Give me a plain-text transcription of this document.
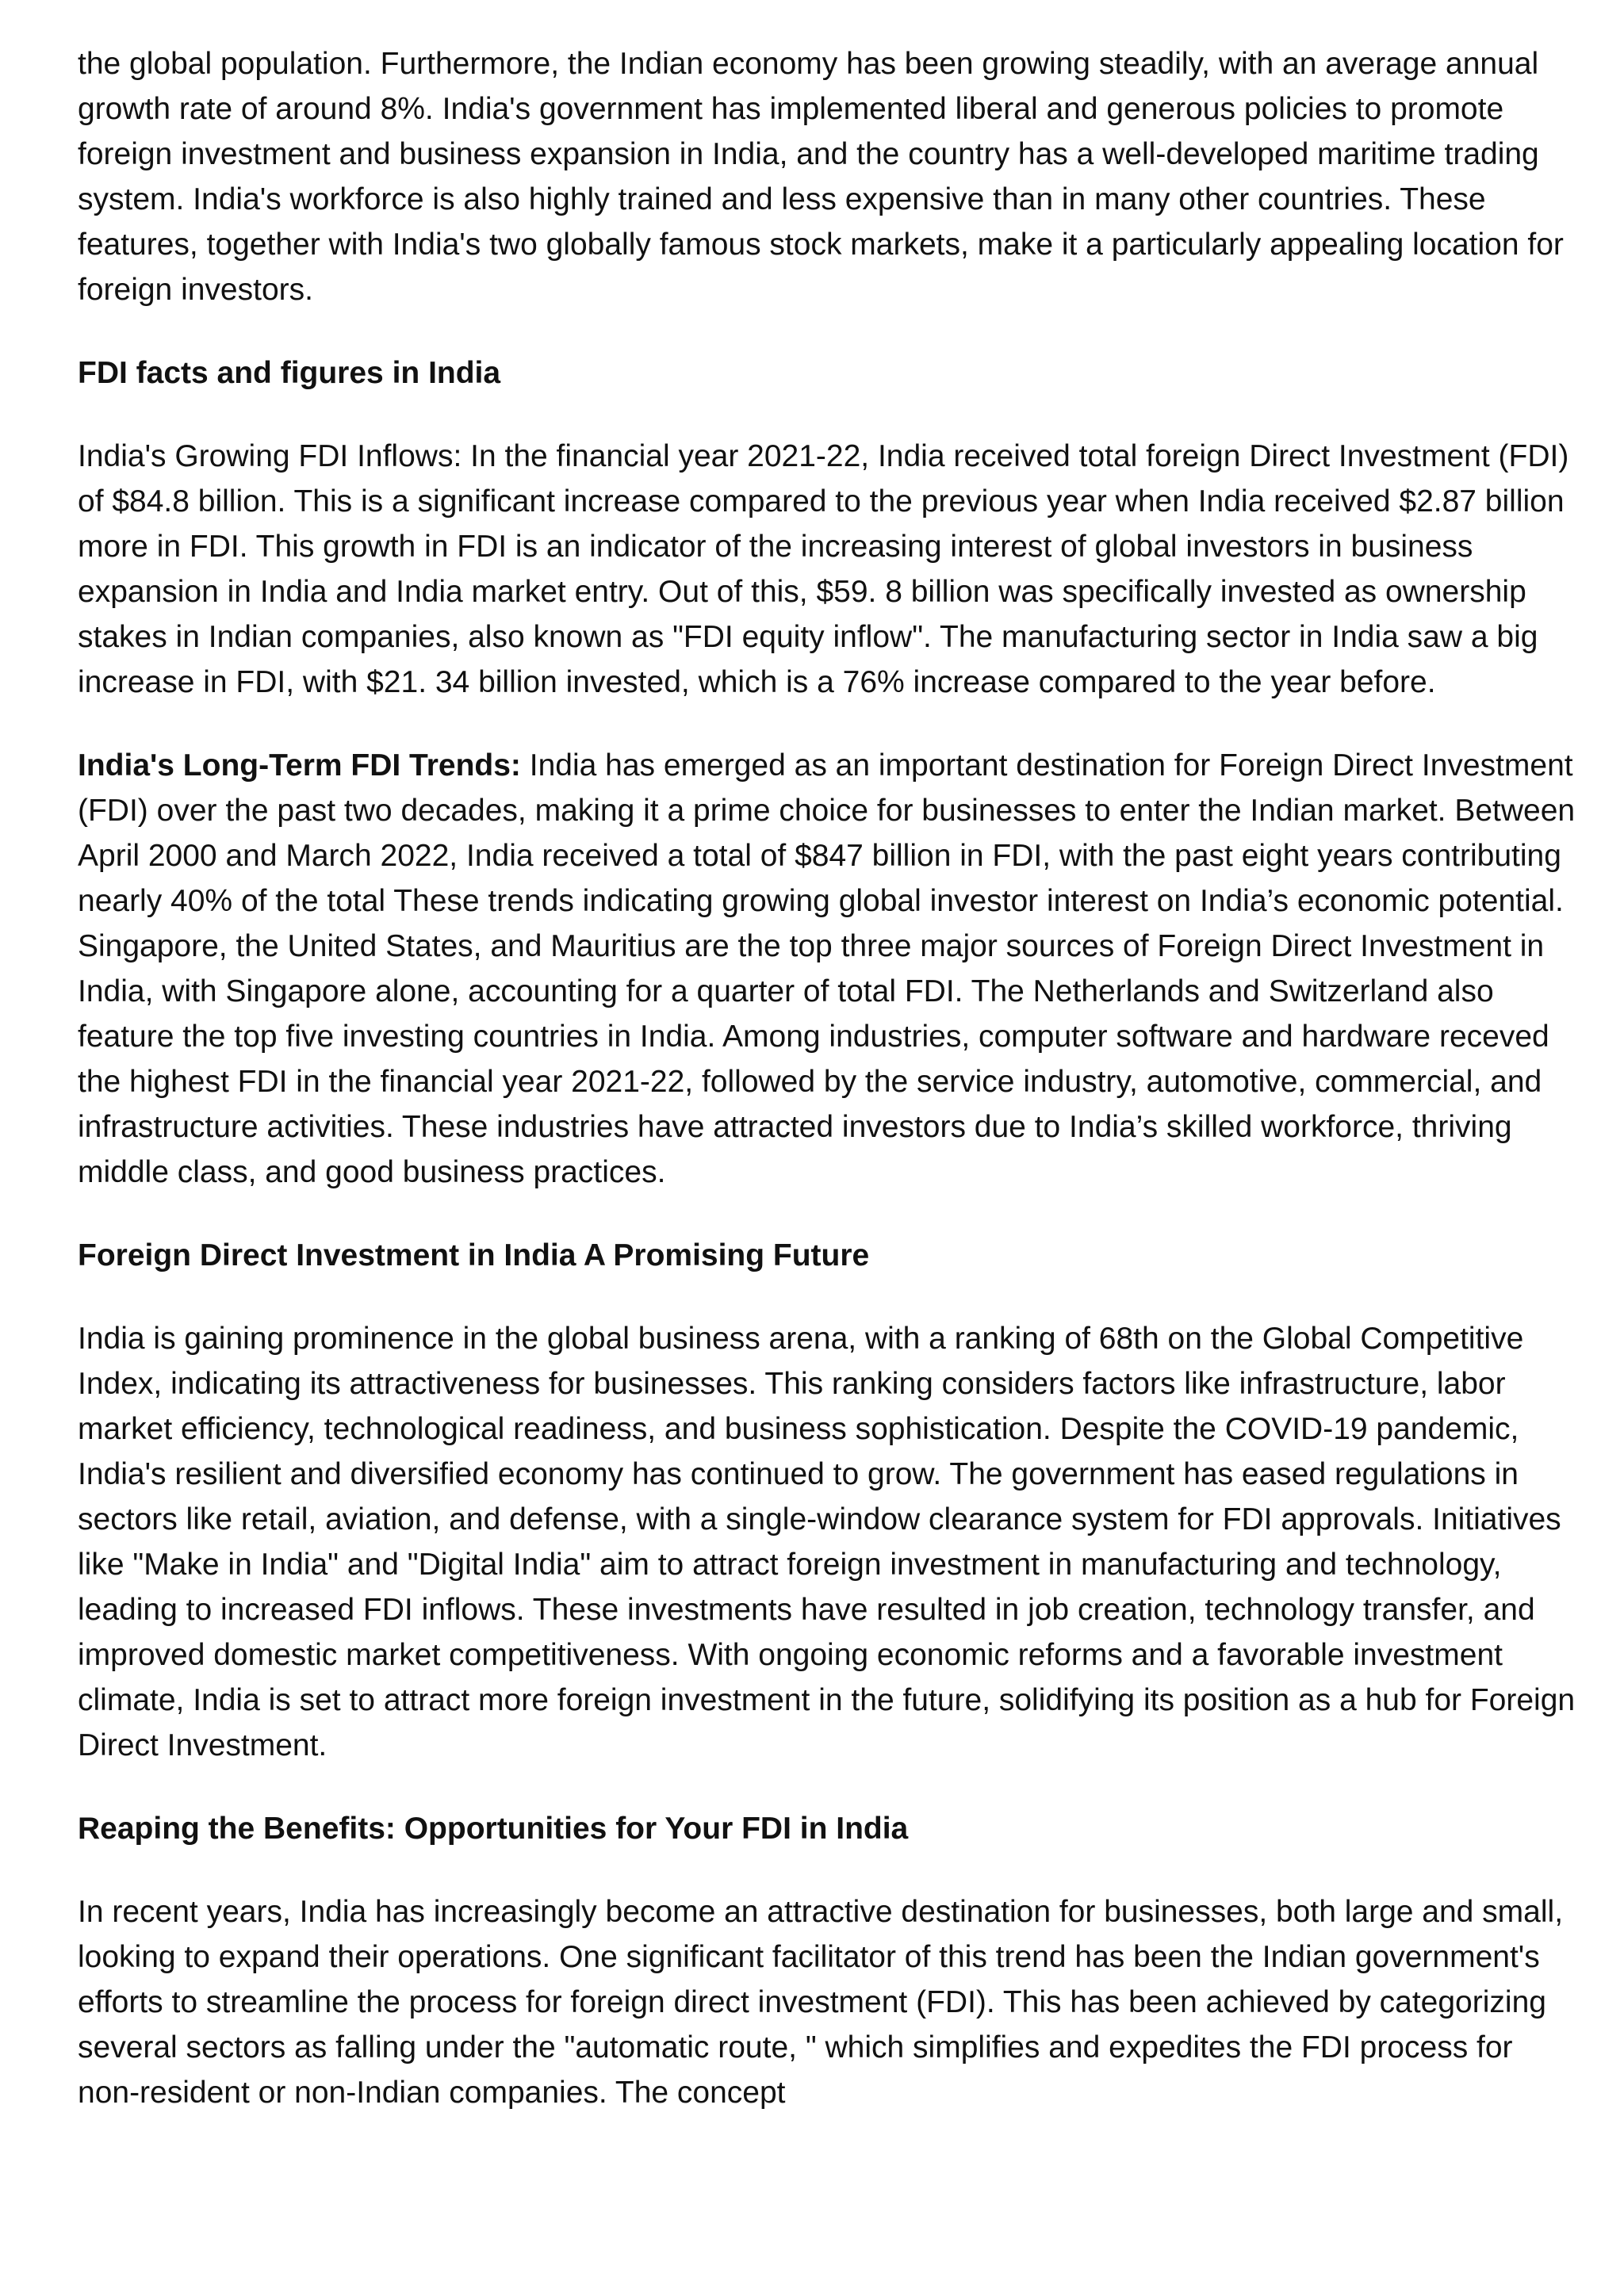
the global population. Furthermore, the Indian economy has been growing steadily, with an average annual growth rate of around 8%. India's government has implemented liberal and generous policies to promote foreign investment and business expansion in India, and the country has a well-developed maritime trading system. India's workforce is also highly trained and less expensive than in many other countries. These features, together with India's two globally famous stock markets, make it a particularly appealing location for foreign investors.

FDI facts and figures in India

India's Growing FDI Inflows: In the financial year 2021-22, India received total foreign Direct Investment (FDI) of $84.8 billion. This is a significant increase compared to the previous year when India received $2.87 billion more in FDI. This growth in FDI is an indicator of the increasing interest of global investors in business expansion in India and India market entry. Out of this, $59. 8 billion was specifically invested as ownership stakes in Indian companies, also known as "FDI equity inflow". The manufacturing sector in India saw a big increase in FDI, with $21. 34 billion invested, which is a 76% increase compared to the year before.

India's Long-Term FDI Trends: India has emerged as an important destination for Foreign Direct Investment (FDI) over the past two decades, making it a prime choice for businesses to enter the Indian market. Between April 2000 and March 2022, India received a total of $847 billion in FDI, with the past eight years contributing nearly 40% of the total These trends indicating growing global investor interest on India’s economic potential. Singapore, the United States, and Mauritius are the top three major sources of Foreign Direct Investment in India, with Singapore alone, accounting for a quarter of total FDI. The Netherlands and Switzerland also feature the top five investing countries in India. Among industries, computer software and hardware receved the highest FDI in the financial year 2021-22, followed by the service industry, automotive, commercial, and infrastructure activities. These industries have attracted investors due to India’s skilled workforce, thriving middle class, and good business practices.

Foreign Direct Investment in India A Promising Future

India is gaining prominence in the global business arena, with a ranking of 68th on the Global Competitive Index, indicating its attractiveness for businesses. This ranking considers factors like infrastructure, labor market efficiency, technological readiness, and business sophistication. Despite the COVID-19 pandemic, India's resilient and diversified economy has continued to grow. The government has eased regulations in sectors like retail, aviation, and defense, with a single-window clearance system for FDI approvals. Initiatives like "Make in India" and "Digital India" aim to attract foreign investment in manufacturing and technology, leading to increased FDI inflows. These investments have resulted in job creation, technology transfer, and improved domestic market competitiveness. With ongoing economic reforms and a favorable investment climate, India is set to attract more foreign investment in the future, solidifying its position as a hub for Foreign Direct Investment.

Reaping the Benefits: Opportunities for Your FDI in India

In recent years, India has increasingly become an attractive destination for businesses, both large and small, looking to expand their operations. One significant facilitator of this trend has been the Indian government's efforts to streamline the process for foreign direct investment (FDI). This has been achieved by categorizing several sectors as falling under the "automatic route, " which simplifies and expedites the FDI process for non-resident or non-Indian companies. The concept
